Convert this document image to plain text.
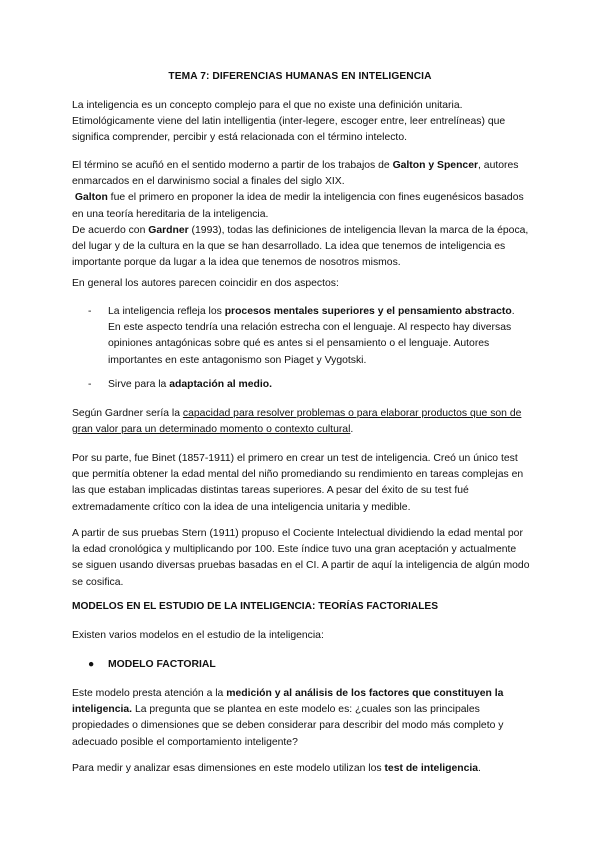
TEMA 7: DIFERENCIAS HUMANAS EN INTELIGENCIA

La inteligencia es un concepto complejo para el que no existe una definición unitaria. Etimológicamente viene del latin intelligentia (inter-legere, escoger entre, leer entrelíneas) que significa comprender, percibir y está relacionada con el término intelecto.

El término se acuñó en el sentido moderno a partir de los trabajos de Galton y Spencer, autores enmarcados en el darwinismo social a finales del siglo XIX.

Galton fue el primero en proponer la idea de medir la inteligencia con fines eugenésicos basados en una teoría hereditaria de la inteligencia.

De acuerdo con Gardner (1993), todas las definiciones de inteligencia llevan la marca de la época, del lugar y de la cultura en la que se han desarrollado. La idea que tenemos de inteligencia es importante porque da lugar a la idea que tenemos de nosotros mismos.

En general los autores parecen coincidir en dos aspectos:

- La inteligencia refleja los procesos mentales superiores y el pensamiento abstracto. En este aspecto tendría una relación estrecha con el lenguaje. Al respecto hay diversas opiniones antagónicas sobre qué es antes si el pensamiento o el lenguaje. Autores importantes en este antagonismo son Piaget y Vygotski.

- Sirve para la adaptación al medio.

Según Gardner sería la capacidad para resolver problemas o para elaborar productos que son de gran valor para un determinado momento o contexto cultural.

Por su parte, fue Binet (1857-1911) el primero en crear un test de inteligencia. Creó un único test que permitía obtener la edad mental del niño promediando su rendimiento en tareas complejas en las que estaban implicadas distintas tareas superiores. A pesar del éxito de su test fué extremadamente crítico con la idea de una inteligencia unitaria y medible.

A partir de sus pruebas Stern (1911) propuso el Cociente Intelectual dividiendo la edad mental por la edad cronológica y multiplicando por 100. Este índice tuvo una gran aceptación y actualmente se siguen usando diversas pruebas basadas en el CI. A partir de aquí la inteligencia de algún modo se cosifica.

MODELOS EN EL ESTUDIO DE LA INTELIGENCIA: TEORÍAS FACTORIALES

Existen varios modelos en el estudio de la inteligencia:

● MODELO FACTORIAL

Este modelo presta atención a la medición y al análisis de los factores que constituyen la inteligencia. La pregunta que se plantea en este modelo es: ¿cuales son las principales propiedades o dimensiones que se deben considerar para describir del modo más completo y adecuado posible el comportamiento inteligente?

Para medir y analizar esas dimensiones en este modelo utilizan los test de inteligencia.
